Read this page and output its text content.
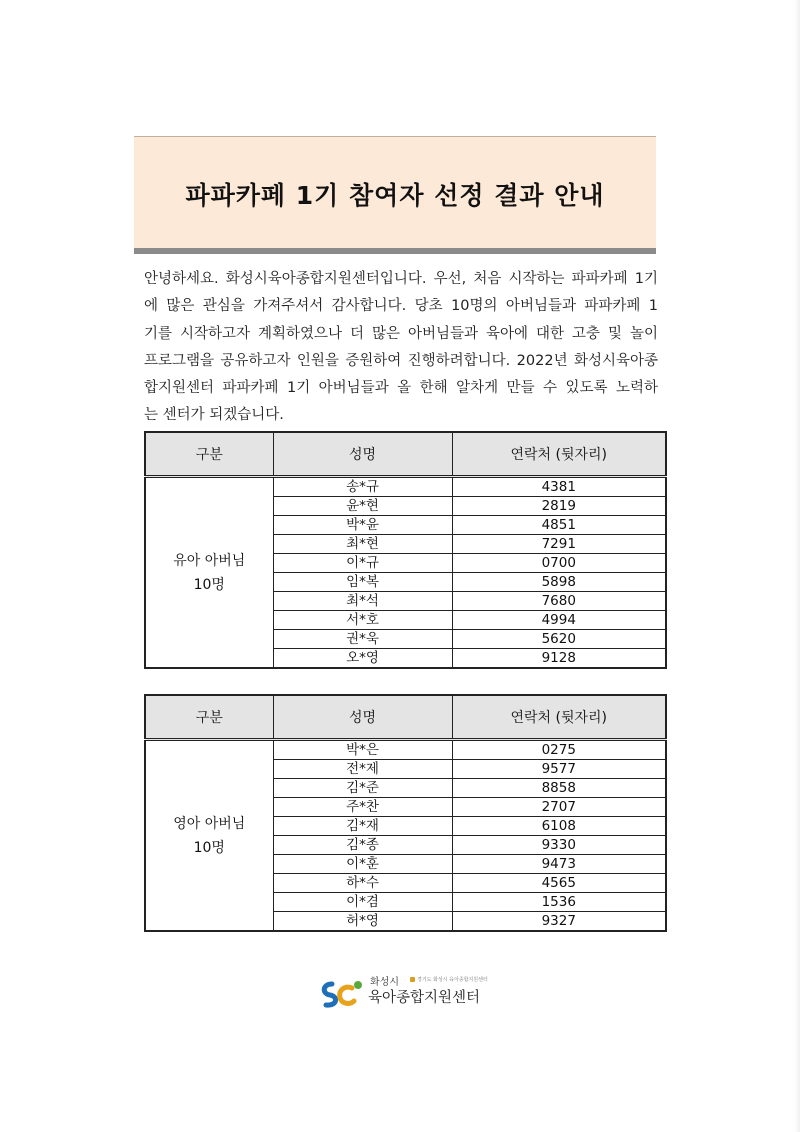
파파카페 1기 참여자 선정 결과 안내
안녕하세요. 화성시육아종합지원센터입니다. 우선, 처음 시작하는 파파카페 1기
에 많은 관심을 가져주셔서 감사합니다. 당초 10명의 아버님들과 파파카페 1
기를 시작하고자 계획하였으나 더 많은 아버님들과 육아에 대한 고충 및 놀이
프로그램을 공유하고자 인원을 증원하여 진행하려합니다. 2022년 화성시육아종
합지원센터 파파카페 1기 아버님들과 올 한해 알차게 만들 수 있도록 노력하
는 센터가 되겠습니다.
구분	성명	연락처 (뒷자리)

유아 아버님
10명	송*규	4381
	윤*현	2819
	박*윤	4851
	최*현	7291
	이*규	0700
	임*복	5898
	최*석	7680
	서*호	4994
	권*욱	5620
	오*영	9128
구분	성명	연락처 (뒷자리)

영아 아버님
10명	박*은	0275
	전*제	9577
	김*준	8858
	주*찬	2707
	김*재	6108
	김*종	9330
	이*훈	9473
	하*수	4565
	이*겸	1536
	허*영	9327
화성시	경기도 화성시 육아종합지원센터
육아종합지원센터
